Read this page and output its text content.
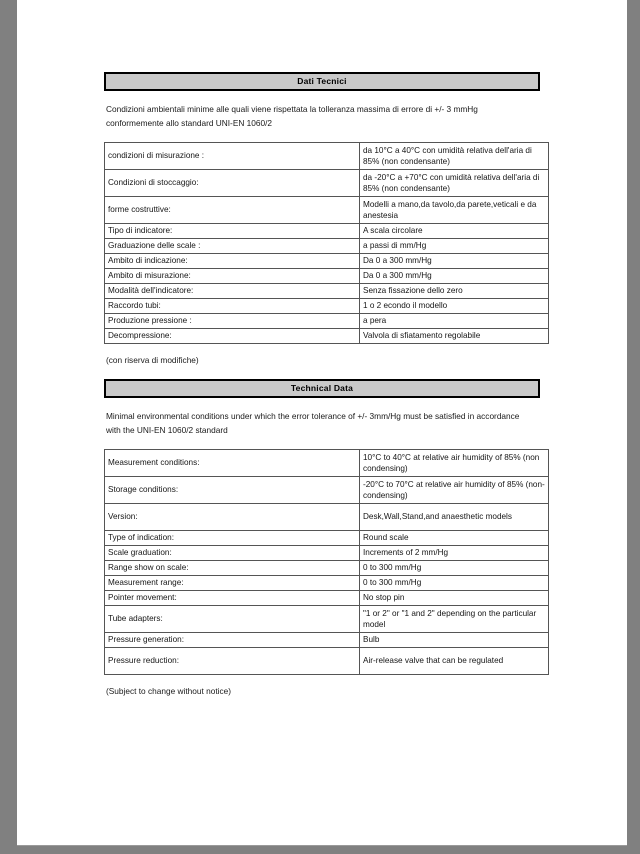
Dati Tecnici
Condizioni ambientali minime alle quali viene rispettata la tolleranza massima di errore di +/- 3 mmHg conformemente allo standard UNI-EN 1060/2
condizioni di misurazione :	da 10°C a 40°C con umidità relativa dell'aria di 85% (non condensante)
Condizioni di stoccaggio:	da -20°C a +70°C con umidità relativa dell'aria di 85% (non condensante)
forme costruttive:	Modelli a mano,da tavolo,da parete,veticali e da anestesia
Tipo di indicatore:	A scala circolare
Graduazione delle scale :	a passi di mm/Hg
Ambito di indicazione:	Da 0 a 300 mm/Hg
Ambito di misurazione:	Da 0 a 300 mm/Hg
Modalità dell'indicatore:	Senza fissazione dello zero
Raccordo tubi:	1 o 2 econdo il modello
Produzione pressione :	a pera
Decompressione:	Valvola di sfiatamento regolabile
(con riserva di modifiche)
Technical Data
Minimal environmental conditions under which the error tolerance of +/- 3mm/Hg must be satisfied in accordance with the UNI-EN 1060/2 standard
Measurement conditions:	10°C to 40°C at relative air humidity of 85% (non condensing)
Storage conditions:	-20°C to 70°C at relative air humidity of 85% (non-condensing)
Version:	Desk,Wall,Stand,and anaesthetic models
Type of indication:	Round scale
Scale graduation:	Increments of 2 mm/Hg
Range show on scale:	0 to 300 mm/Hg
Measurement range:	0 to 300 mm/Hg
Pointer movement:	No stop pin
Tube adapters:	"1 or 2" or "1 and 2" depending on the particular model
Pressure generation:	Bulb
Pressure reduction:	Air-release valve that can be regulated
(Subject to change without notice)
